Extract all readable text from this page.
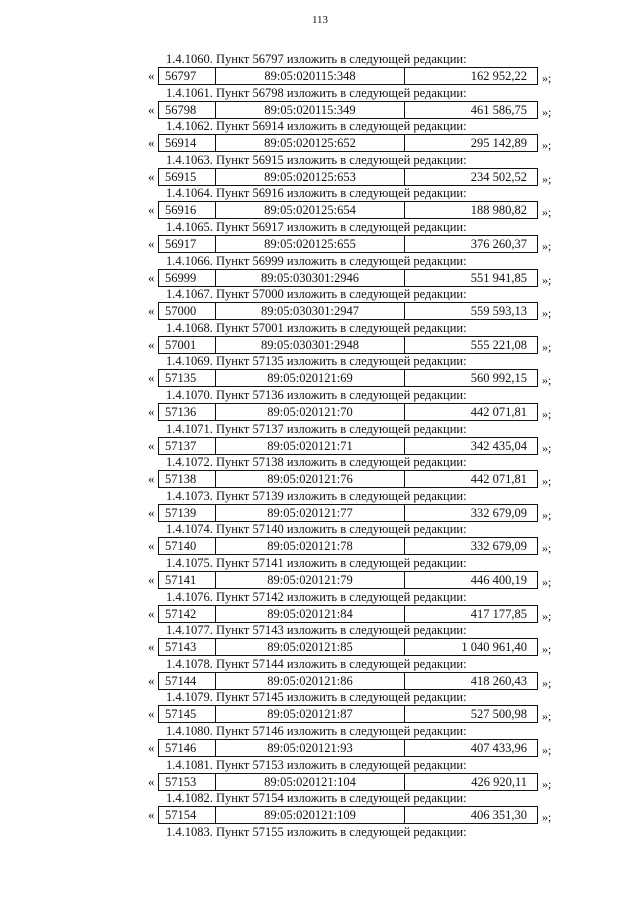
113
1.4.1060. Пункт 56797 изложить в следующей редакции:
« 56797	89:05:020115:348	162 952,22	»;
1.4.1061. Пункт 56798 изложить в следующей редакции:
« 56798	89:05:020115:349	461 586,75	»;
1.4.1062. Пункт 56914 изложить в следующей редакции:
« 56914	89:05:020125:652	295 142,89	»;
1.4.1063. Пункт 56915 изложить в следующей редакции:
« 56915	89:05:020125:653	234 502,52	»;
1.4.1064. Пункт 56916 изложить в следующей редакции:
« 56916	89:05:020125:654	188 980,82	»;
1.4.1065. Пункт 56917 изложить в следующей редакции:
« 56917	89:05:020125:655	376 260,37	»;
1.4.1066. Пункт 56999 изложить в следующей редакции:
« 56999	89:05:030301:2946	551 941,85	»;
1.4.1067. Пункт 57000 изложить в следующей редакции:
« 57000	89:05:030301:2947	559 593,13	»;
1.4.1068. Пункт 57001 изложить в следующей редакции:
« 57001	89:05:030301:2948	555 221,08	»;
1.4.1069. Пункт 57135 изложить в следующей редакции:
« 57135	89:05:020121:69	560 992,15	»;
1.4.1070. Пункт 57136 изложить в следующей редакции:
« 57136	89:05:020121:70	442 071,81	»;
1.4.1071. Пункт 57137 изложить в следующей редакции:
« 57137	89:05:020121:71	342 435,04	»;
1.4.1072. Пункт 57138 изложить в следующей редакции:
« 57138	89:05:020121:76	442 071,81	»;
1.4.1073. Пункт 57139 изложить в следующей редакции:
« 57139	89:05:020121:77	332 679,09	»;
1.4.1074. Пункт 57140 изложить в следующей редакции:
« 57140	89:05:020121:78	332 679,09	»;
1.4.1075. Пункт 57141 изложить в следующей редакции:
« 57141	89:05:020121:79	446 400,19	»;
1.4.1076. Пункт 57142 изложить в следующей редакции:
« 57142	89:05:020121:84	417 177,85	»;
1.4.1077. Пункт 57143 изложить в следующей редакции:
« 57143	89:05:020121:85	1 040 961,40	»;
1.4.1078. Пункт 57144 изложить в следующей редакции:
« 57144	89:05:020121:86	418 260,43	»;
1.4.1079. Пункт 57145 изложить в следующей редакции:
« 57145	89:05:020121:87	527 500,98	»;
1.4.1080. Пункт 57146 изложить в следующей редакции:
« 57146	89:05:020121:93	407 433,96	»;
1.4.1081. Пункт 57153 изложить в следующей редакции:
« 57153	89:05:020121:104	426 920,11	»;
1.4.1082. Пункт 57154 изложить в следующей редакции:
« 57154	89:05:020121:109	406 351,30	»;
1.4.1083. Пункт 57155 изложить в следующей редакции:
